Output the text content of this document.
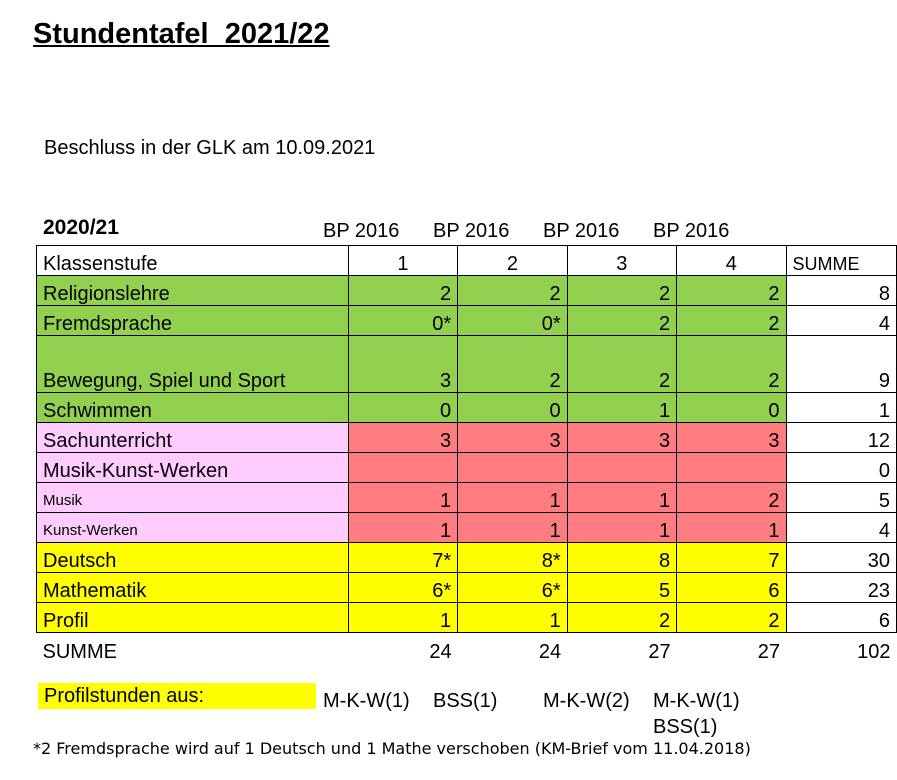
Stundentafel  2021/22
Beschluss in der GLK am 10.09.2021
2020/21	BP 2016 BP 2016 BP 2016 BP 2016
Klassenstufe	1	2	3	4	SUMME
Religionslehre	2	2	2	2	8
Fremdsprache	0*	0*	2	2	4
Bewegung, Spiel und Sport	3	2	2	2	9
Schwimmen	0	0	1	0	1
Sachunterricht	3	3	3	3	12
Musik-Kunst-Werken					0
Musik	1	1	1	2	5
Kunst-Werken	1	1	1	1	4
Deutsch	7*	8*	8	7	30
Mathematik	6*	6*	5	6	23
Profil	1	1	2	2	6
SUMME	24	24	27	27	102
Profilstunden aus:	M-K-W(1) BSS(1) M-K-W(2) M-K-W(1)
BSS(1)
*2 Fremdsprache wird auf 1 Deutsch und 1 Mathe verschoben (KM-Brief vom 11.04.2018)
